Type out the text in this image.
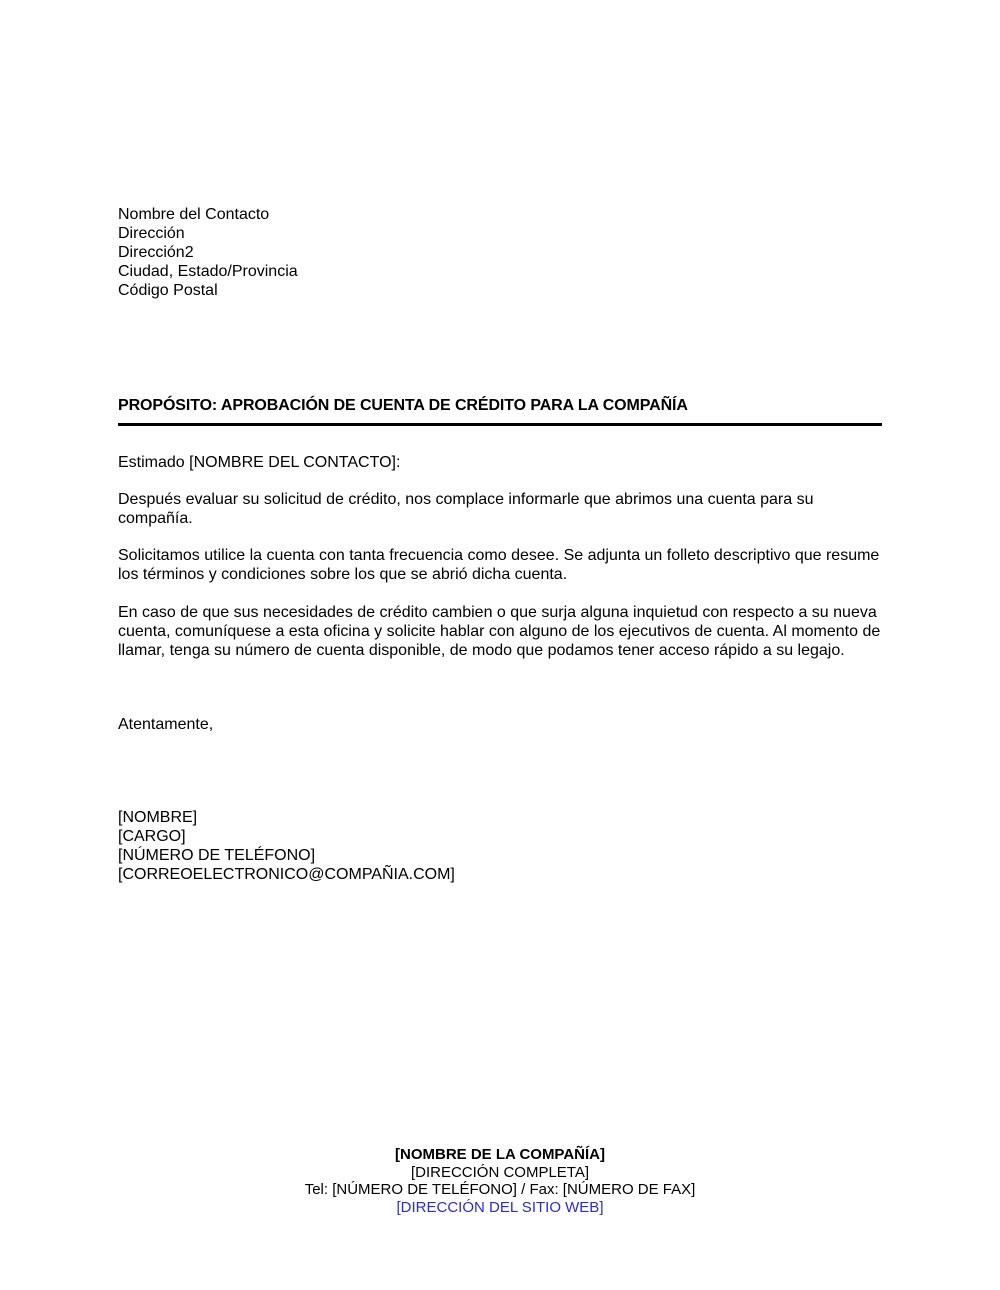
Nombre del Contacto
Dirección
Dirección2
Ciudad, Estado/Provincia
Código Postal
PROPÓSITO: APROBACIÓN DE CUENTA DE CRÉDITO PARA LA COMPAÑÍA
Estimado [NOMBRE DEL CONTACTO]:
Después evaluar su solicitud de crédito, nos complace informarle que abrimos una cuenta para su compañía.
Solicitamos utilice la cuenta con tanta frecuencia como desee. Se adjunta un folleto descriptivo que resume los términos y condiciones sobre los que se abrió dicha cuenta.
En caso de que sus necesidades de crédito cambien o que surja alguna inquietud con respecto a su nueva cuenta, comuníquese a esta oficina y solicite hablar con alguno de los ejecutivos de cuenta. Al momento de llamar, tenga su número de cuenta disponible, de modo que podamos tener acceso rápido a su legajo.
Atentamente,
[NOMBRE]
[CARGO]
[NÚMERO DE TELÉFONO]
[CORREOELECTRONICO@COMPAÑIA.COM]
[NOMBRE DE LA COMPAÑÍA]
[DIRECCIÓN COMPLETA]
Tel: [NÚMERO DE TELÉFONO] / Fax: [NÚMERO DE FAX]
[DIRECCIÓN DEL SITIO WEB]
